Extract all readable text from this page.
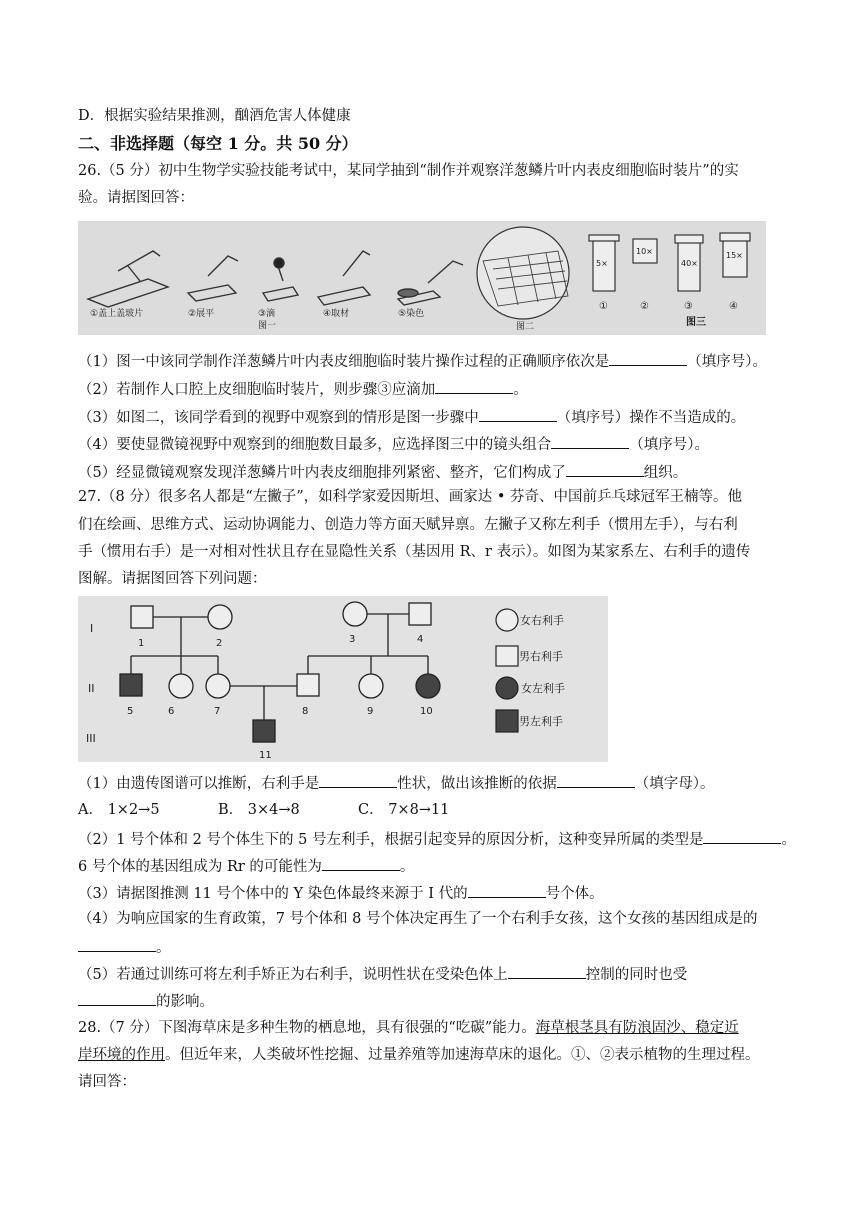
D．根据实验结果推测，酗酒危害人体健康
二、非选择题（每空 1 分。共 50 分）
26.（5 分）初中生物学实验技能考试中，某同学抽到“制作并观察洋葱鳞片叶内表皮细胞临时装片”的实
验。请据图回答：
①盖上盖玻片	②展平	③滴	④取材	⑤染色
图一	图二
5×
10×
40×
15×
①	②	③	④
图三
（1）图一中该同学制作洋葱鳞片叶内表皮细胞临时装片操作过程的正确顺序依次是	（填序号）。
（2）若制作人口腔上皮细胞临时装片，则步骤③应滴加	。
（3）如图二，该同学看到的视野中观察到的情形是图一步骤中	（填序号）操作不当造成的。
（4）要使显微镜视野中观察到的细胞数目最多，应选择图三中的镜头组合	（填序号）。
（5）经显微镜观察发现洋葱鳞片叶内表皮细胞排列紧密、整齐，它们构成了	组织。
27.（8 分）很多名人都是“左撇子”，如科学家爱因斯坦、画家达 • 芬奇、中国前乒乓球冠军王楠等。他
们在绘画、思维方式、运动协调能力、创造力等方面天赋异禀。左撇子又称左利手（惯用左手），与右利
手（惯用右手）是一对相对性状且存在显隐性关系（基因用 R、r 表示）。如图为某家系左、右利手的遗传
图解。请据图回答下列问题：
I
II
III
1	2	3	4
5	6	7	8	9	10
11
女右利手
男右利手
女左利手
男左利手
（1）由遗传图谱可以推断，右利手是	性状，做出该推断的依据	（填字母）。
A． 1×2→5	B． 3×4→8	C． 7×8→11
（2）1 号个体和 2 号个体生下的 5 号左利手，根据引起变异的原因分析，这种变异所属的类型是	。
6 号个体的基因组成为 Rr 的可能性为	。
（3）请据图推测 11 号个体中的 Y 染色体最终来源于 I 代的	号个体。
（4）为响应国家的生育政策，7 号个体和 8 号个体决定再生了一个右利手女孩，这个女孩的基因组成是的
。
（5）若通过训练可将左利手矫正为右利手，说明性状在受染色体上	控制的同时也受
的影响。
28.（7 分）下图海草床是多种生物的栖息地，具有很强的“吃碳”能力。海草根茎具有防浪固沙、稳定近
岸环境的作用。但近年来，人类破坏性挖掘、过量养殖等加速海草床的退化。①、②表示植物的生理过程。
请回答：
